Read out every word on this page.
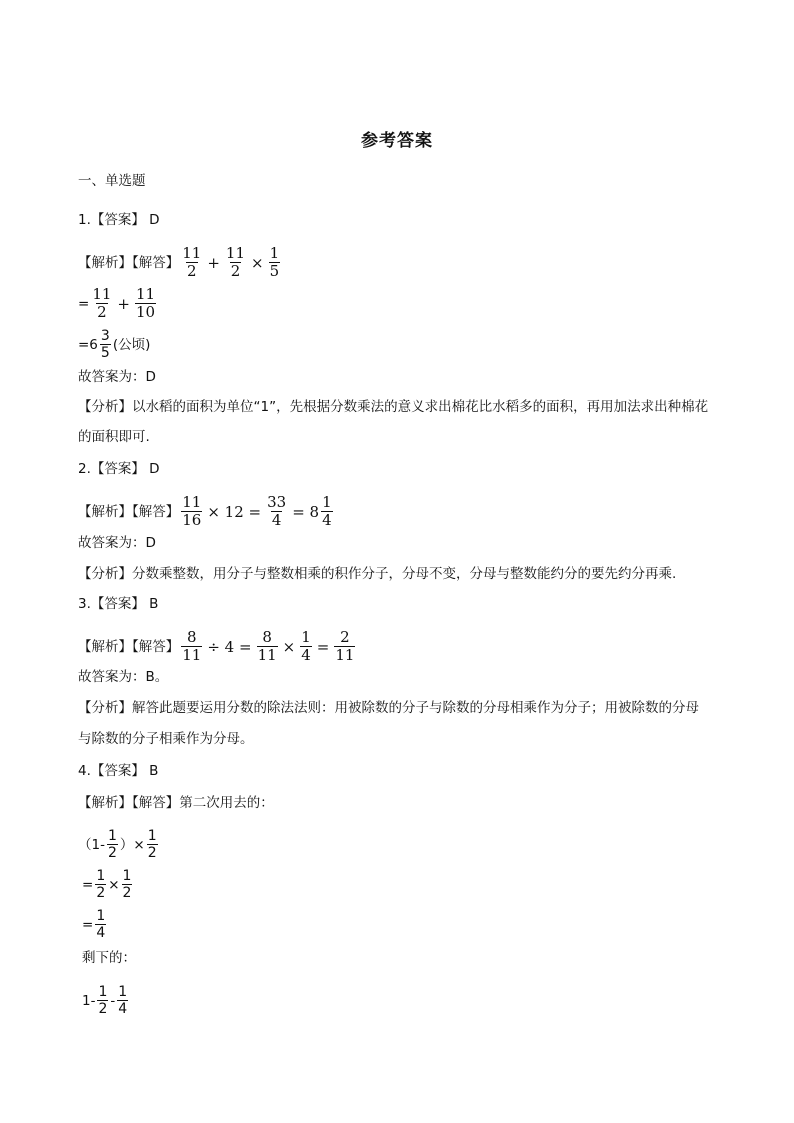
参考答案
一、单选题
1.【答案】 D
【解析】【解答】 $\frac{11}{2} + \frac{11}{2} \times \frac{1}{5}$
= $\frac{11}{2} + \frac{11}{10}$
$=6 \frac{3}{5}$ (公顷)
故答案为：D
【分析】以水稻的面积为单位“1”，先根据分数乘法的意义求出棉花比水稻多的面积，再用加法求出种棉花
的面积即可.
2.【答案】 D
【解析】【解答】 $\frac{11}{16} \times 12 = \frac{33}{4} = 8 \frac{1}{4}$
故答案为：D
【分析】分数乘整数，用分子与整数相乘的积作分子，分母不变，分母与整数能约分的要先约分再乘.
3.【答案】 B
【解析】【解答】 $\frac{8}{11} \div 4 = \frac{8}{11} \times \frac{1}{4} = \frac{2}{11}$
故答案为：B。
【分析】解答此题要运用分数的除法法则：用被除数的分子与除数的分母相乘作为分子；用被除数的分母
与除数的分子相乘作为分母。
4.【答案】 B
【解析】【解答】第二次用去的：
（$1- \frac{1}{2}$ ）× $\frac{1}{2}$
= $\frac{1}{2} \times \frac{1}{2}$
= $\frac{1}{4}$
剩下的：
$1- \frac{1}{2} - \frac{1}{4}$
